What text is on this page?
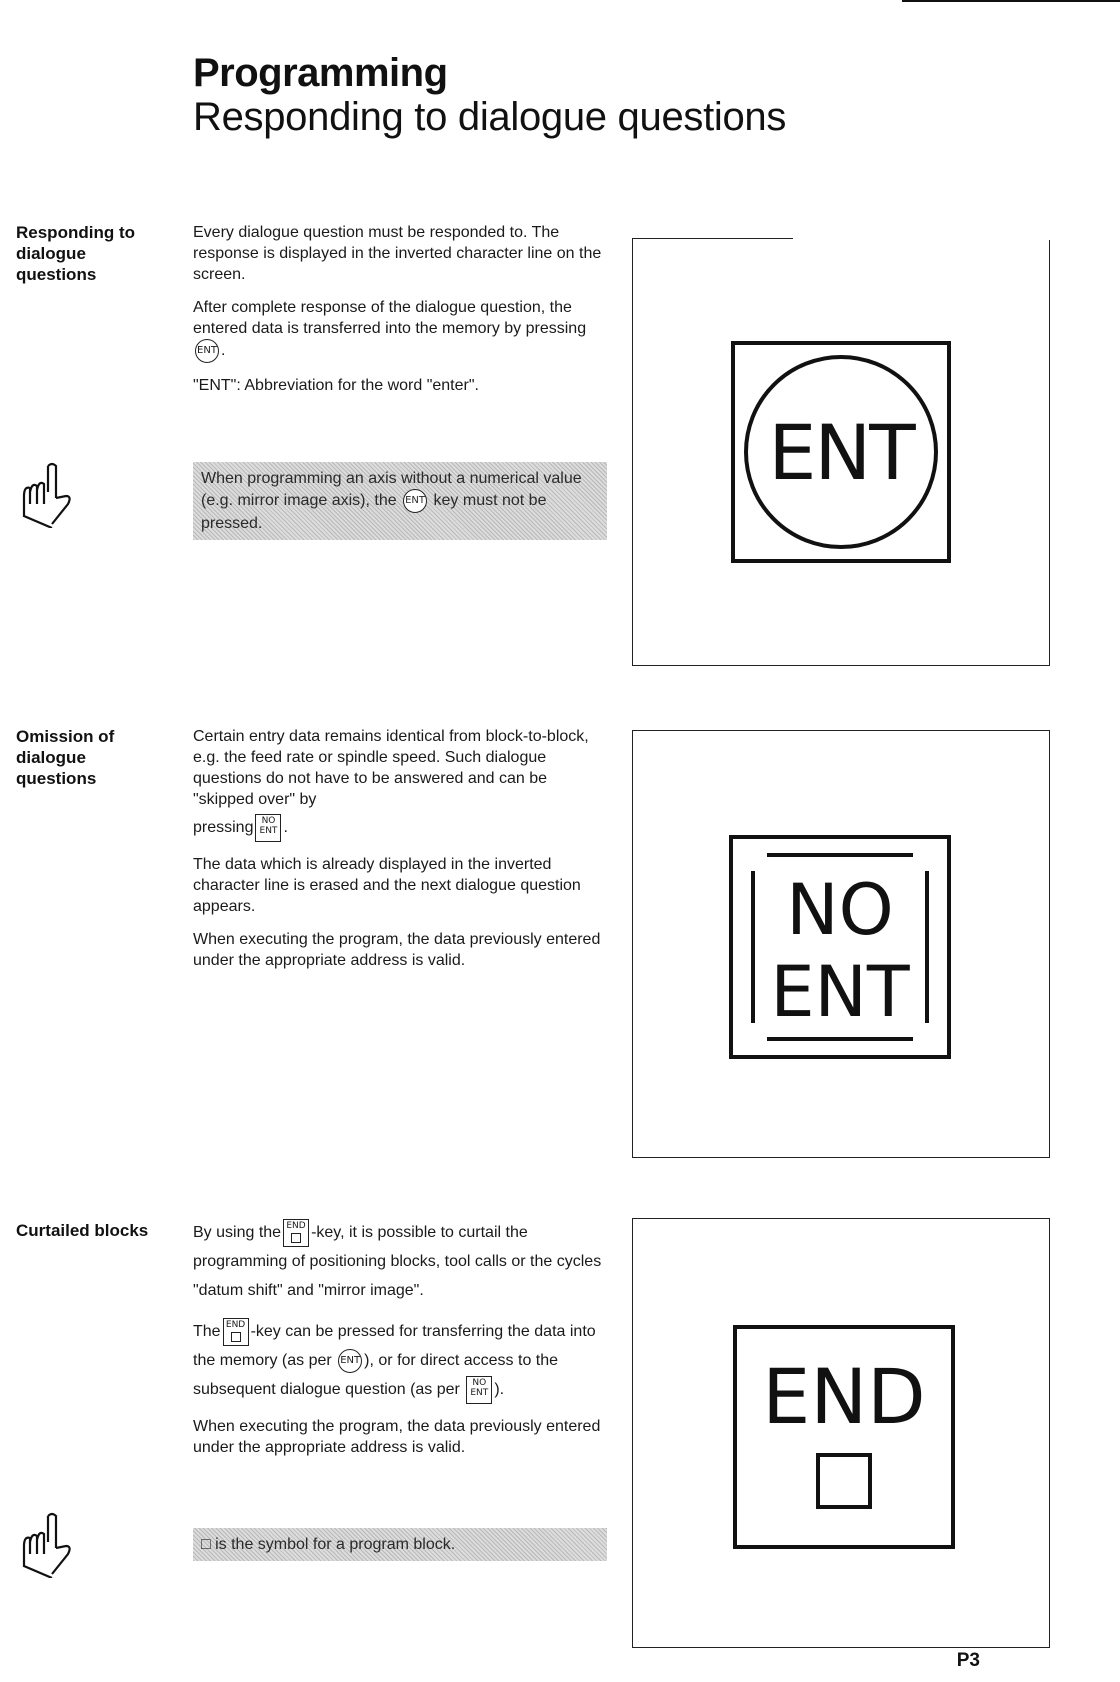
Programming
Responding to dialogue questions
Responding to dialogue questions

Every dialogue question must be responded to. The response is displayed in the inverted character line on the screen.

After complete response of the dialogue question, the entered data is transferred into the memory by pressing ENT .

"ENT": Abbreviation for the word "enter".

When programming an axis without a numerical value (e.g. mirror image axis), the ENT key must not be pressed.
ENT
Omission of dialogue questions

Certain entry data remains identical from block-to-block, e.g. the feed rate or spindle speed. Such dialogue questions do not have to be answered and can be "skipped over" by

pressing NO
ENT .

The data which is already displayed in the inverted character line is erased and the next dialogue question appears.

When executing the program, the data previously entered under the appropriate address is valid.

NO
ENT
Curtailed blocks	By using the END -key, it is possible to curtail the programming of positioning blocks, tool calls or the cycles "datum shift" and "mirror image".

The END -key can be pressed for transferring the data into the memory (as per ENT ), or for direct access to the subsequent dialogue question (as per	NO
ENT ).

When executing the program, the data previously entered under the appropriate address is valid.

□ is the symbol for a program block.
END
P3
